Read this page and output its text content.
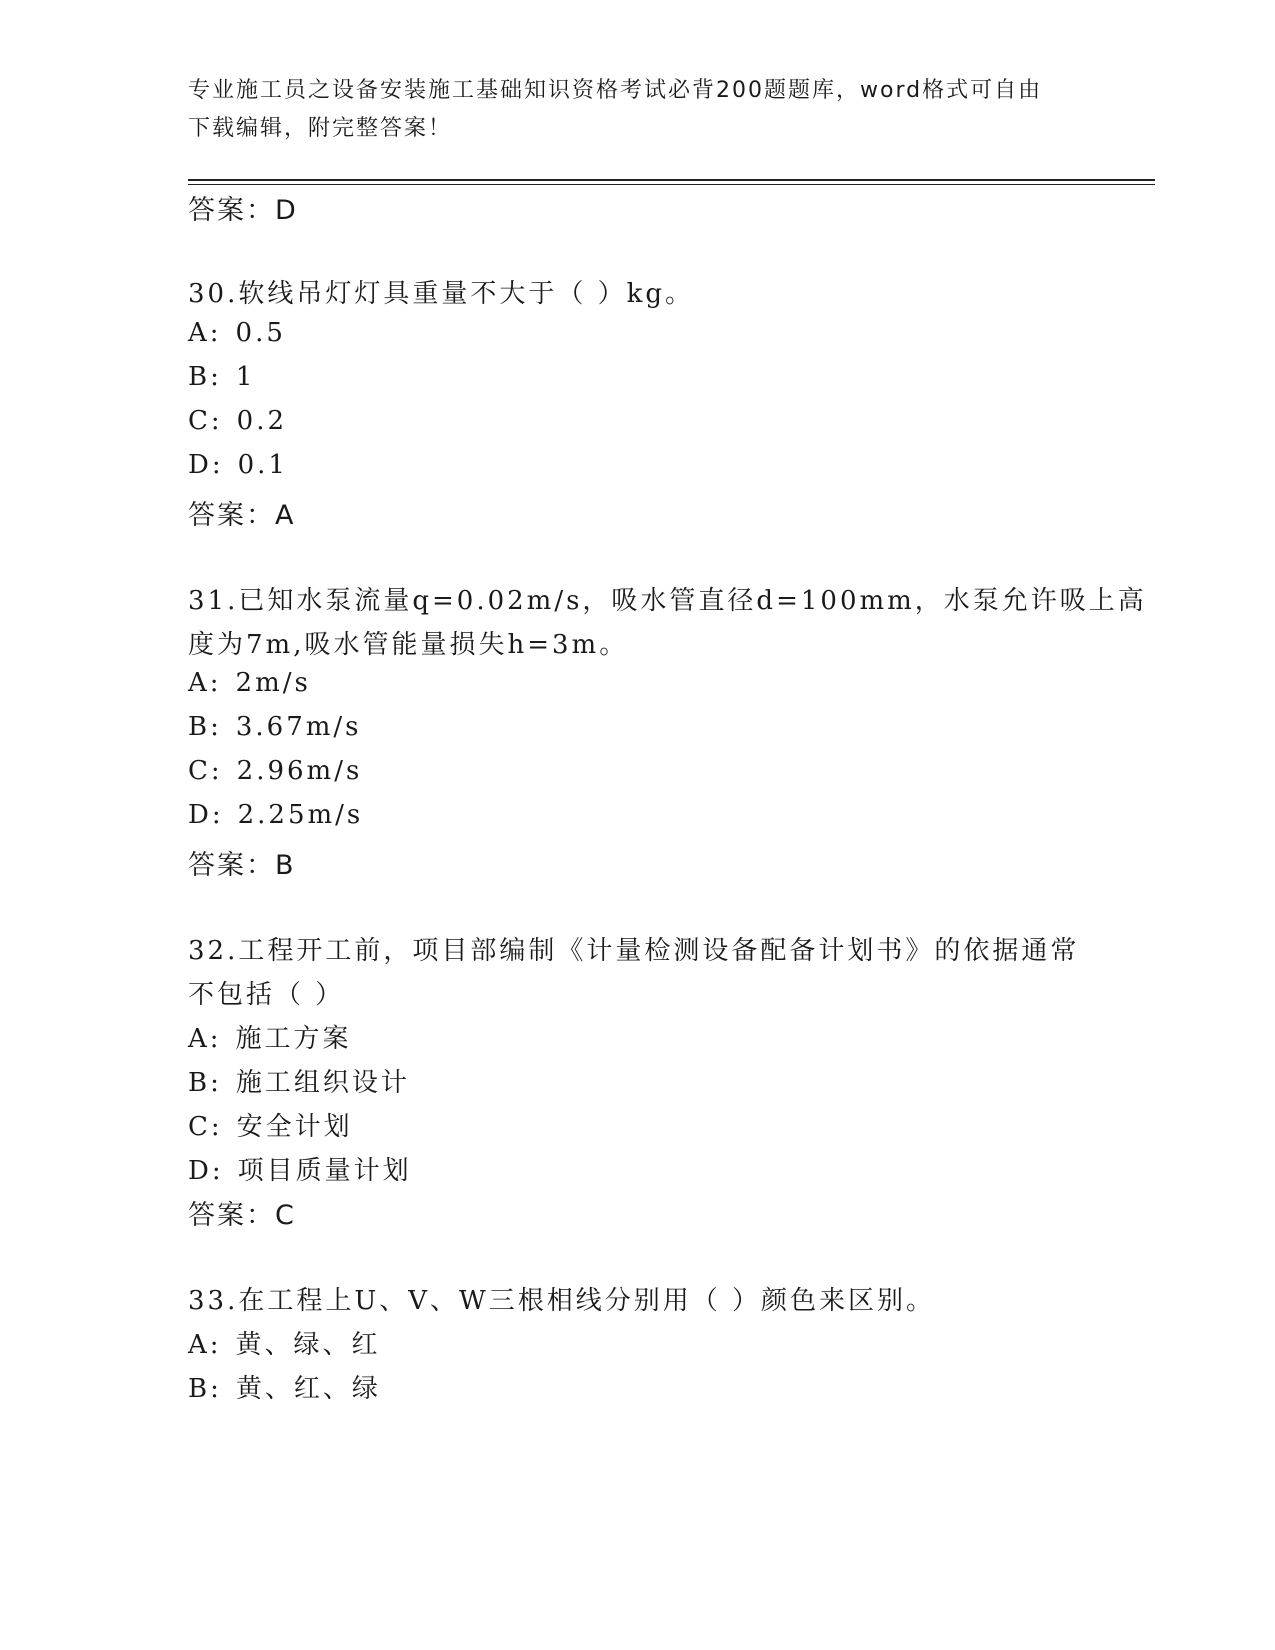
专业施工员之设备安装施工基础知识资格考试必背200题题库，word格式可自由
下载编辑，附完整答案！
答案：D
30.软线吊灯灯具重量不大于（ ）kg。
A: 0.5
B: 1
C: 0.2
D: 0.1
答案：A
31.已知水泵流量q=0.02m/s，吸水管直径d=100mm，水泵允许吸上高
度为7m,吸水管能量损失h=3m。
A: 2m/s
B: 3.67m/s
C: 2.96m/s
D: 2.25m/s
答案：B
32.工程开工前，项目部编制《计量检测设备配备计划书》的依据通常
不包括（ ）
A: 施工方案
B: 施工组织设计
C: 安全计划
D: 项目质量计划
答案：C
33.在工程上U、V、W三根相线分别用（ ）颜色来区别。
A: 黄、绿、红
B: 黄、红、绿
